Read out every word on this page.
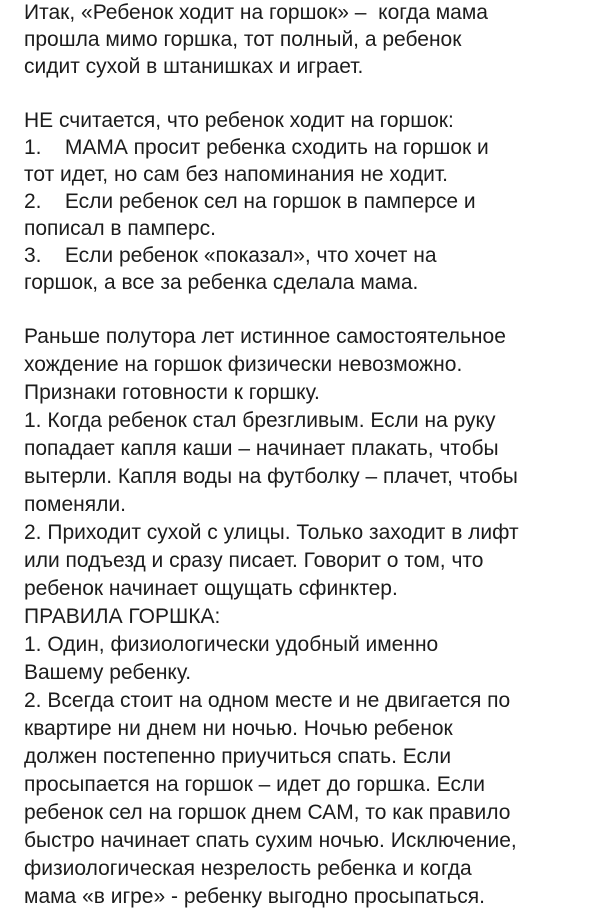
Итак, «Ребенок ходит на горшок» –  когда мама
прошла мимо горшка, тот полный, а ребенок
сидит сухой в штанишках и играет.
НЕ считается, что ребенок ходит на горшок:
1.    МАМА просит ребенка сходить на горшок и
тот идет, но сам без напоминания не ходит.
2.    Если ребенок сел на горшок в памперсе и
пописал в памперс.
3.    Если ребенок «показал», что хочет на
горшок, а все за ребенка сделала мама.
Раньше полутора лет истинное самостоятельное
хождение на горшок физически невозможно.
Признаки готовности к горшку.
1. Когда ребенок стал брезгливым. Если на руку
попадает капля каши – начинает плакать, чтобы
вытерли. Капля воды на футболку – плачет, чтобы
поменяли.
2. Приходит сухой с улицы. Только заходит в лифт
или подъезд и сразу писает. Говорит о том, что
ребенок начинает ощущать сфинктер.
ПРАВИЛА ГОРШКА:
1. Один, физиологически удобный именно
Вашему ребенку.
2. Всегда стоит на одном месте и не двигается по
квартире ни днем ни ночью. Ночью ребенок
должен постепенно приучиться спать. Если
просыпается на горшок – идет до горшка. Если
ребенок сел на горшок днем САМ, то как правило
быстро начинает спать сухим ночью. Исключение,
физиологическая незрелость ребенка и когда
мама «в игре» - ребенку выгодно просыпаться.
